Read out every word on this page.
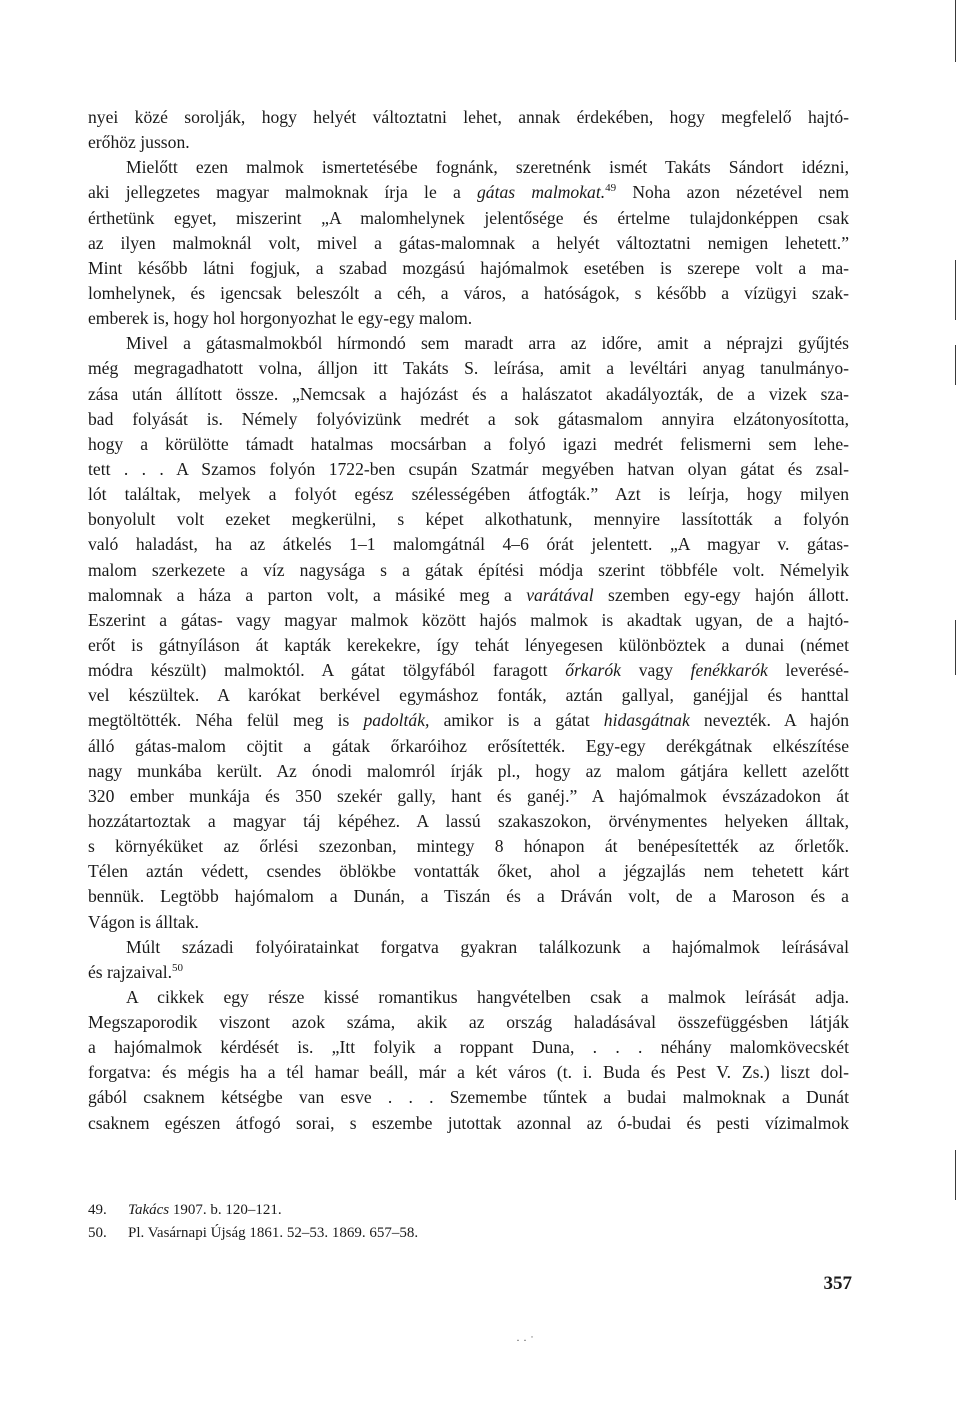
nyei közé sorolják, hogy helyét változtatni lehet, annak érdekében, hogy megfelelő hajtó-
erőhöz jusson.
Mielőtt ezen malmok ismertetésébe fognánk, szeretnénk ismét Takáts Sándort idézni,
aki jellegzetes magyar malmoknak írja le a gátas malmokat.$^{49}$ Noha azon nézetével nem
érthetünk egyet, miszerint „A malomhelynek jelentősége és értelme tulajdonképpen csak
az ilyen malmoknál volt, mivel a gátas-malomnak a helyét változtatni nemigen lehetett.”
Mint később látni fogjuk, a szabad mozgású hajómalmok esetében is szerepe volt a ma-
lomhelynek, és igencsak beleszólt a céh, a város, a hatóságok, s később a vízügyi szak-
emberek is, hogy hol horgonyozhat le egy-egy malom.
Mivel a gátasmalmokból hírmondó sem maradt arra az időre, amit a néprajzi gyűjtés
még megragadhatott volna, álljon itt Takáts S. leírása, amit a levéltári anyag tanulmányo-
zása után állított össze. „Nemcsak a hajózást és a halászatot akadályozták, de a vizek sza-
bad folyását is. Némely folyóvizünk medrét a sok gátasmalom annyira elzátonyosította,
hogy a körülötte támadt hatalmas mocsárban a folyó igazi medrét felismerni sem lehe-
tett . . . A Szamos folyón 1722-ben csupán Szatmár megyében hatvan olyan gátat és zsal-
lót találtak, melyek a folyót egész szélességében átfogták.” Azt is leírja, hogy milyen
bonyolult volt ezeket megkerülni, s képet alkothatunk, mennyire lassították a folyón
való haladást, ha az átkelés 1–1 malomgátnál 4–6 órát jelentett. „A magyar v. gátas-
malom szerkezete a víz nagysága s a gátak építési módja szerint többféle volt. Némelyik
malomnak a háza a parton volt, a másiké meg a varátával szemben egy-egy hajón állott.
Eszerint a gátas- vagy magyar malmok között hajós malmok is akadtak ugyan, de a hajtó-
erőt is gátnyíláson át kapták kerekekre, így tehát lényegesen különböztek a dunai (német
módra készült) malmoktól. A gátat tölgyfából faragott őrkarók vagy fenékkarók leverésé-
vel készültek. A karókat berkével egymáshoz fonták, aztán gallyal, ganéjjal és hanttal
megtöltötték. Néha felül meg is padolták, amikor is a gátat hidasgátnak nevezték. A hajón
álló gátas-malom cöjtit a gátak őrkaróihoz erősítették. Egy-egy derékgátnak elkészítése
nagy munkába került. Az ónodi malomról írják pl., hogy az malom gátjára kellett azelőtt
320 ember munkája és 350 szekér gally, hant és ganéj.” A hajómalmok évszázadokon át
hozzátartoztak a magyar táj képéhez. A lassú szakaszokon, örvénymentes helyeken álltak,
s környéküket az őrlési szezonban, mintegy 8 hónapon át benépesítették az őrletők.
Télen aztán védett, csendes öblökbe vontatták őket, ahol a jégzajlás nem tehetett kárt
bennük. Legtöbb hajómalom a Dunán, a Tiszán és a Dráván volt, de a Maroson és a
Vágon is álltak.
Múlt századi folyóiratainkat forgatva gyakran találkozunk a hajómalmok leírásával
és rajzaival.$^{50}$
A cikkek egy része kissé romantikus hangvételben csak a malmok leírását adja.
Megszaporodik viszont azok száma, akik az ország haladásával összefüggésben látják
a hajómalmok kérdését is. „Itt folyik a roppant Duna, . . . néhány malomkövecskét
forgatva: és mégis ha a tél hamar beáll, már a két város (t. i. Buda és Pest V. Zs.) liszt dol-
gából csaknem kétségbe van esve . . . Szemembe tűntek a budai malmoknak a Dunát
csaknem egészen átfogó sorai, s eszembe jutottak azonnal az ó-budai és pesti vízimalmok
49. Takács 1907. b. 120–121.
50. Pl. Vasárnapi Újság 1861. 52–53. 1869. 657–58.
357
· · ˙
